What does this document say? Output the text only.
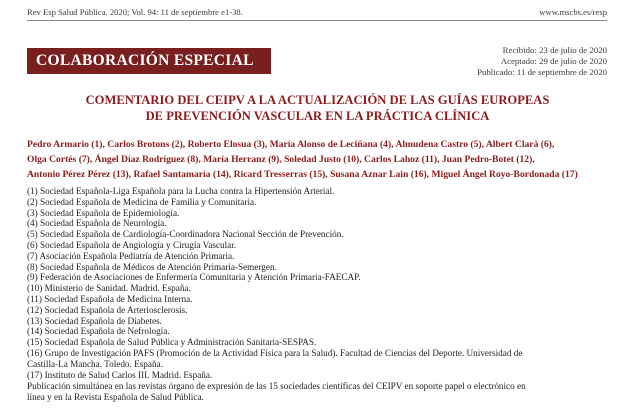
Rev Esp Salud Pública. 2020; Vol. 94: 11 de septiembre e1-38.	www.mscbs.es/resp
COLABORACIÓN ESPECIAL
Recibido: 23 de julio de 2020
Aceptado: 29 de julio de 2020
Publicado: 11 de septiembre de 2020
COMENTARIO DEL CEIPV A LA ACTUALIZACIÓN DE LAS GUÍAS EUROPEAS
DE PREVENCIÓN VASCULAR EN LA PRÁCTICA CLÍNICA
Pedro Armario (1), Carlos Brotons (2), Roberto Elosua (3), María Alonso de Leciñana (4), Almudena Castro (5), Albert Clarà (6),
Olga Cortés (7), Ángel Díaz Rodríguez (8), María Herranz (9), Soledad Justo (10), Carlos Lahoz (11), Juan Pedro-Botet (12),
Antonio Pérez Pérez (13), Rafael Santamaría (14), Ricard Tresserras (15), Susana Aznar Lain (16), Miguel Ángel Royo-Bordonada (17)
(1) Sociedad Española-Liga Española para la Lucha contra la Hipertensión Arterial.
(2) Sociedad Española de Medicina de Familia y Comunitaria.
(3) Sociedad Española de Epidemiología.
(4) Sociedad Española de Neurología.
(5) Sociedad Española de Cardiología-Coordinadora Nacional Sección de Prevención.
(6) Sociedad Española de Angiología y Cirugía Vascular.
(7) Asociación Española Pediatría de Atención Primaria.
(8) Sociedad Española de Médicos de Atención Primaria-Semergen.
(9) Federación de Asociaciones de Enfermería Comunitaria y Atención Primaria-FAECAP.
(10) Ministerio de Sanidad. Madrid. España.
(11) Sociedad Española de Medicina Interna.
(12) Sociedad Española de Arteriosclerosis.
(13) Sociedad Española de Diabetes.
(14) Sociedad Española de Nefrología.
(15) Sociedad Española de Salud Pública y Administración Sanitaria-SESPAS.
(16) Grupo de Investigación PAFS (Promoción de la Actividad Física para la Salud). Facultad de Ciencias del Deporte. Universidad de
Castilla-La Mancha. Toledo. España.
(17) Instituto de Salud Carlos III. Madrid. España.
Publicación simultánea en las revistas órgano de expresión de las 15 sociedades científicas del CEIPV en soporte papel o electrónico en
línea y en la Revista Española de Salud Pública.
